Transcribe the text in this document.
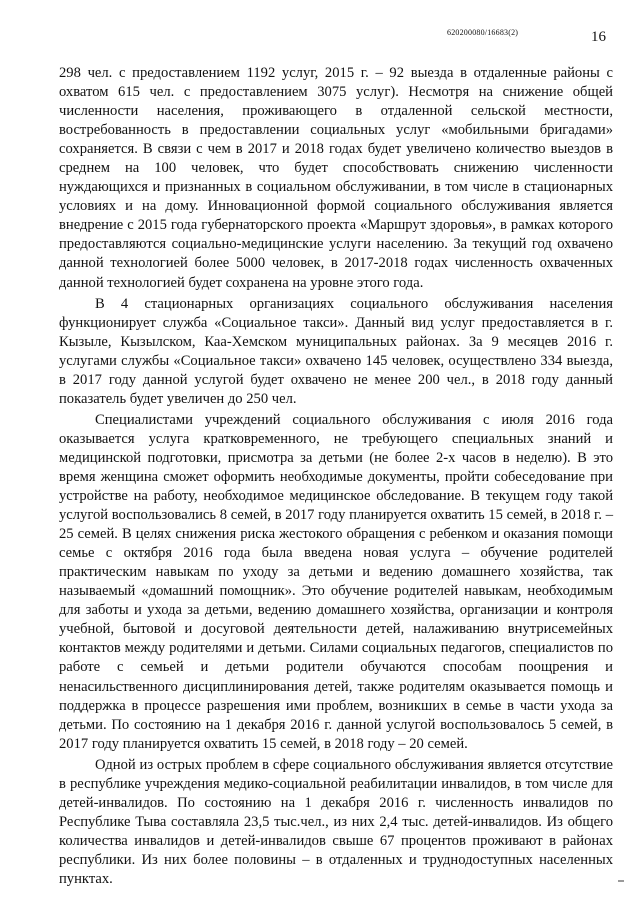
620200080/16683(2)	16

298 чел. с предоставлением 1192 услуг, 2015 г. – 92 выезда в отдаленные районы с охватом 615 чел. с предоставлением 3075 услуг). Несмотря на снижение общей численности населения, проживающего в отдаленной сельской местности, востребованность в предоставлении социальных услуг «мобильными бригадами» сохраняется. В связи с чем в 2017 и 2018 годах будет увеличено количество выездов в среднем на 100 человек, что будет способствовать снижению численности нуждающихся и признанных в социальном обслуживании, в том числе в стационарных условиях и на дому. Инновационной формой социального обслуживания является внедрение с 2015 года губернаторского проекта «Маршрут здоровья», в рамках которого предоставляются социально-медицинские услуги населению. За текущий год охвачено данной технологией более 5000 человек, в 2017-2018 годах численность охваченных данной технологией будет сохранена на уровне этого года.

В 4 стационарных организациях социального обслуживания населения функционирует служба «Социальное такси». Данный вид услуг предоставляется в г. Кызыле, Кызылском, Каа-Хемском муниципальных районах. За 9 месяцев 2016 г. услугами службы «Социальное такси» охвачено 145 человек, осуществлено 334 выезда, в 2017 году данной услугой будет охвачено не менее 200 чел., в 2018 году данный показатель будет увеличен до 250 чел.

Специалистами учреждений социального обслуживания с июля 2016 года оказывается услуга кратковременного, не требующего специальных знаний и медицинской подготовки, присмотра за детьми (не более 2-х часов в неделю). В это время женщина сможет оформить необходимые документы, пройти собеседование при устройстве на работу, необходимое медицинское обследование. В текущем году такой услугой воспользовались 8 семей, в 2017 году планируется охватить 15 семей, в 2018 г. – 25 семей. В целях снижения риска жестокого обращения с ребенком и оказания помощи семье с октября 2016 года была введена новая услуга – обучение родителей практическим навыкам по уходу за детьми и ведению домашнего хозяйства, так называемый «домашний помощник». Это обучение родителей навыкам, необходимым для заботы и ухода за детьми, ведению домашнего хозяйства, организации и контроля учебной, бытовой и досуговой деятельности детей, налаживанию внутрисемейных контактов между родителями и детьми. Силами социальных педагогов, специалистов по работе с семьей и детьми родители обучаются способам поощрения и ненасильственного дисциплинирования детей, также родителям оказывается помощь и поддержка в процессе разрешения ими проблем, возникших в семье в части ухода за детьми. По состоянию на 1 декабря 2016 г. данной услугой воспользовалось 5 семей, в 2017 году планируется охватить 15 семей, в 2018 году – 20 семей.

Одной из острых проблем в сфере социального обслуживания является отсутствие в республике учреждения медико-социальной реабилитации инвалидов, в том числе для детей-инвалидов. По состоянию на 1 декабря 2016 г. численность инвалидов по Республике Тыва составляла 23,5 тыс.чел., из них 2,4 тыс. детей-инвалидов. Из общего количества инвалидов и детей-инвалидов свыше 67 процентов проживают в районах республики. Из них более половины – в отдаленных и труднодоступных населенных пунктах.
